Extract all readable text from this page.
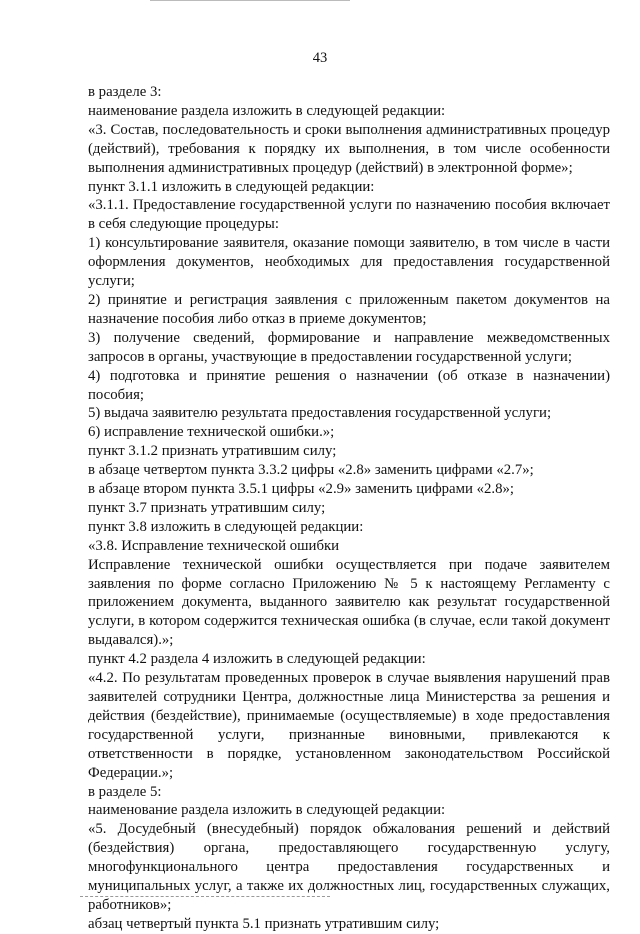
43

в разделе 3:

наименование раздела изложить в следующей редакции:

«3. Состав, последовательность и сроки выполнения административных процедур (действий), требования к порядку их выполнения, в том числе особенности выполнения административных процедур (действий) в электронной форме»;

пункт 3.1.1 изложить в следующей редакции:

«3.1.1. Предоставление государственной услуги по назначению пособия включает в себя следующие процедуры:

1) консультирование заявителя, оказание помощи заявителю, в том числе в части оформления документов, необходимых для предоставления государственной услуги;

2) принятие и регистрация заявления с приложенным пакетом документов на назначение пособия либо отказ в приеме документов;

3) получение сведений, формирование и направление межведомственных запросов в органы, участвующие в предоставлении государственной услуги;

4) подготовка и принятие решения о назначении (об отказе в назначении) пособия;

5) выдача заявителю результата предоставления государственной услуги;

6) исправление технической ошибки.»;

пункт 3.1.2 признать утратившим силу;

в абзаце четвертом пункта 3.3.2 цифры «2.8» заменить цифрами «2.7»;

в абзаце втором пункта 3.5.1 цифры «2.9» заменить цифрами «2.8»;

пункт 3.7 признать утратившим силу;

пункт 3.8 изложить в следующей редакции:

«3.8. Исправление технической ошибки

Исправление технической ошибки осуществляется при подаче заявителем заявления по форме согласно Приложению № 5 к настоящему Регламенту с приложением документа, выданного заявителю как результат государственной услуги, в котором содержится техническая ошибка (в случае, если такой документ выдавался).»;

пункт 4.2 раздела 4 изложить в следующей редакции:

«4.2. По результатам проведенных проверок в случае выявления нарушений прав заявителей сотрудники Центра, должностные лица Министерства за решения и действия (бездействие), принимаемые (осуществляемые) в ходе предоставления государственной услуги, признанные виновными, привлекаются к ответственности в порядке, установленном законодательством Российской Федерации.»;

в разделе 5:

наименование раздела изложить в следующей редакции:

«5. Досудебный (внесудебный) порядок обжалования решений и действий (бездействия) органа, предоставляющего государственную услугу, многофункционального центра предоставления государственных и муниципальных услуг, а также их должностных лиц, государственных служащих, работников»;

абзац четвертый пункта 5.1 признать утратившим силу;
